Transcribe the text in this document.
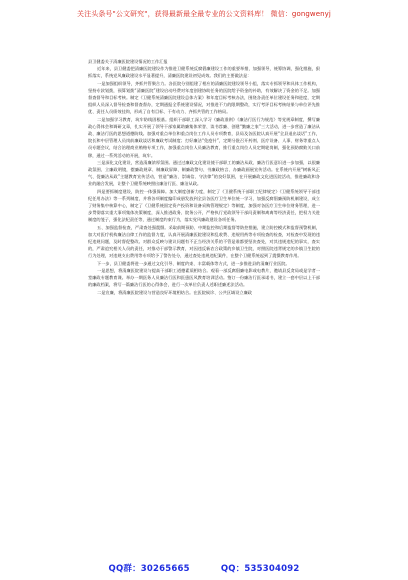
关注头条号"公文研究"，获得最新最全最专业的公文资料库！ 微信：gongwenyj

县卫健委关于清廉医院建设情况的工作汇报

近年来，县卫健委把清廉医院建设作为推进卫健系统反腐倡廉建设工作的重要举措，加强领导，统筹协调，强化措施，狠抓落实，系统党风廉政建设水平显著提升，清廉医院建设初见成效。我们的主要做法是：

一是加强组织领导，齐抓共管聚合力。各医院分别组建了相应的清廉医院建设领导小组，落实专抓领导和具体工作机构，坚持专款划拨，预算划拨“清廉医院”建设启动经费对年度创建协助任务的医院给予资金的补助，有效解决了资金的不足。加强督查督导和目标考核。制定《卫健系统清廉医院建设总体方案》和年度目标考核办法，围绕各责任单位建设任务和进度，定期组织人员深入督导检查和督查督办，定期通报全系统建设情况，对推进不力的限期整改，实行考评目标考核结果与单位评先推优、责任人员绩效挂钩，形成了自有目标、干有动力、齐抓共管的工作格局。

二是加强学习教育，筑牢防线固根基。组织干部职工深入学习《廉政准则》《廉洁行医行为规范》等党规章制度，撰写廉政心得体会和调研文章，扎实开展了领导干部家属助廉集体荣誉、读书荐廉、创建“勤廉之家”三大活动，进一步营造了廉洁从政、廉洁行医的思想道德防线。加强对重点单位和重点岗位工作人员专项教育，县局及各医院认真开展“全县退出谈话”工作，院长和中层管理人员岗前廉政谈话和廉政考试制度；打好廉洁“免疫针”，定期分批召开药剂、医疗设备、人事、财务等重点人员专题会议，结合治理商业贿赂专项工作，加强重点岗位人员廉洁教育，推行重点岗位人员定期轮岗制，强化预防腐败关口前移，通过一系列活动的开展，筑牢。

三是深化文化建设，营造清廉浓厚氛围。通过过廉政文化建设使干部职工的廉洁从政、廉洁行医意识进一步加强，以很廉政氛围、立廉政明镜，摆廉政规章、制廉政屏障、制廉政警句、书廉政格言、办廉政画展宣传活动。在系统内开展“树新风正气、促廉洁从政”主题教育宣传活动，营造“廉洁、崇诚信、守法律”的良好氛围，在开展廉政文化进医院活动，推进廉政和各业的融合发展，让整个卫健系统映照出廉洁行医、廉洁从政。

四是要抓制度建设，防控一体强保障。加大制度创新力度，制定了《卫健系统干部职工纪律规定》《卫健系统领导干部违纪任用办法》等一系列制度，并将各项制度编印成册发放到全县各医疗卫生单位统一学习，加强反腐倡廉预防机制建设，成立了财务集中核算中心，制定了《卫健系统固定资产投资和设备采购管理规定》等制度，加强对各医疗卫生单位财务管理，进一步贯彻落实重大事项集体决策制度，深入推进政务、院务公开，严格执行党政领导干部问责制和离离等经济责任，把权力关进制度的笼子，强化法纪责任等，通过制度约束行为，落实党风廉政建设各项任务。

五、加强监督检查，严肃查处强震慑。采取前期预防、中期监控和后期监督等防控措施，建立防控模式和监督预警机制，加大对医疗机构廉洁自律工作的监督力度，认真开展清廉医院建设和乱收费、违规用药等专项检查的检查，对检查中发现的违纪违规问题，及时督促整改。对群众反映与建议问题有不正当经济关系的不管是谁都要坚决查处，对其违规违纪的事实，查实的，严肃追究相关人员的责任，对推动于部警示教育，对因违反新农合政策的乡镇卫生院，对照医院违背规定的乡镇卫生院的行为处理，对违规支出费用等专项给予了警告处分，通过查处违规违纪案件，在整个卫健系统起到了震慑教育作用。

下一步，县卫健委将进一步通过文化引导、制度约束、丰富载体等方式，进一步推进县的清廉行业医院。

一是思想，将清廉医院建设与提高干部职工道德素质相结合。观看一部反腐倡廉电影或电教片，邀请县反贪局或是学者一堂廉政专题教育课。举办一期医务人员廉洁行医和医患医风教育培训活动。签订一份廉洁行医承诺书，建立一套中层以上干部的廉政档案，将写一篇廉洁行医的心得体会，进行一次单位负责人述职述廉述法活动。

二是宣廉，将清廉医院建设与营造良好环境相结合。在医院候诊、公共区域设立廉政

QQ群：30265665	QQ：535304092
